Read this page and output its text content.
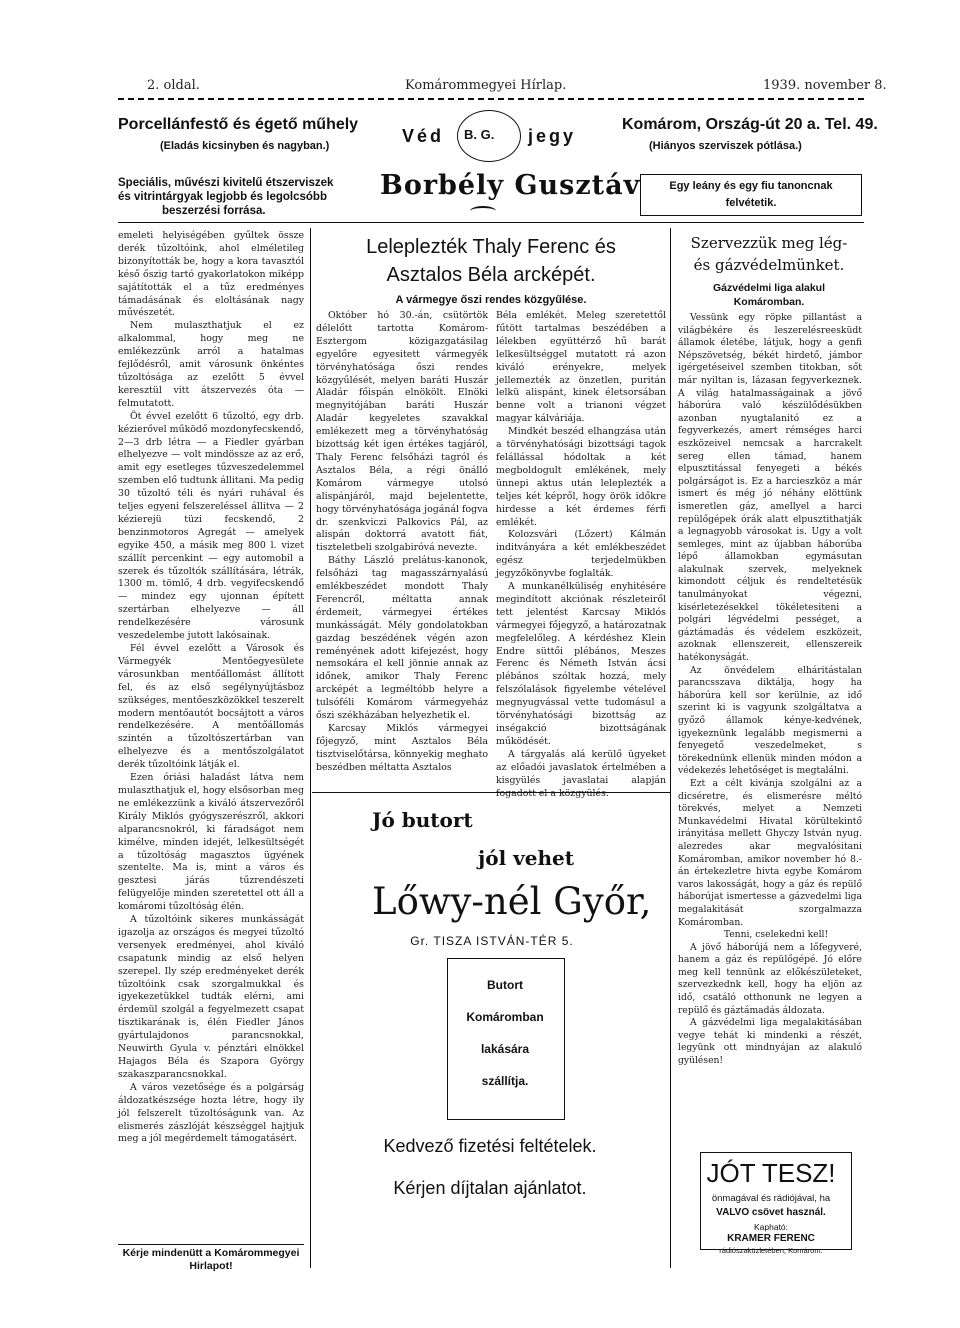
2. oldal.	Komárommegyei Hírlap.	1939. november 8.
Porcellánfestő és égető műhely
(Eladás kicsinyben és nagyban.)	Véd B. G. jegy
Komárom, Ország-út 20 a. Tel. 49.
(Hiányos szerviszek pótlása.)
Speciális, művészi kivitelű étszerviszek
és vitrintárgyak legjobb és legolcsóbb
beszerzési forrása.
Borbély Gusztáv	Egy leány és egy fiu tanoncnak
felvétetik.

emeleti helyiségében gyűltek össze derék tűzoltóink, ahol elméletileg bizonyították be, hogy a kora tavasztól késő őszig tartó gyakorlatokon miképp sajátították el a tűz eredményes támadásának és eloltásának nagy művészetét.

Nem mulaszthatjuk el ez alkalommal, hogy meg ne emlékezzünk arról a hatalmas fejlődésről, amit városunk önkéntes tűzoltósága az ezelőtt 5 évvel keresztül vitt átszervezés óta — felmutatott.

Öt évvel ezelőtt 6 tűzoltó, egy drb. kézierővel működő mozdonyfecskendő, 2—3 drb létra — a Fiedler gyárban elhelyezve — volt mindössze az az erő, amit egy esetleges tűzveszedelemmel szemben elő tudtunk állitani. Ma pedig 30 tűzoltó téli és nyári ruhával és teljes egyeni felszereléssel állitva — 2 kézierejü tüzi fecskendő, 2 benzinmotoros Agregát — amelyek egyike 450, a másik meg 800 l. vizet szállít percenkint — egy automobil a szerek és tűzoltók szállítására, létrák, 1300 m. tömlő, 4 drb. vegyifecskendő — mindez egy ujonnan épített szertárban elhelyezve — áll rendelkezésére városunk veszedelembe jutott lakósainak.

Fél évvel ezelőtt a Városok és Vármegyék Mentőegyesülete városunkban mentőállomást állított fel, és az első segélynyújtásboz szükséges, mentőeszközökkel teszerelt modern mentőautót bocsájtott a város rendelkezésére. A mentőállomás szintén a tűzoltószertárban van elhelyezve és a mentőszolgálatot derék tűzoltóink látják el.

Ezen óriási haladást látva nem mulaszthatjuk el, hogy elsősorban meg ne emlékezzünk a kiváló átszervezőről Király Miklós gyógyszerészről, akkori alparancsnokról, ki fáradságot nem kimélve, minden idejét, lelkesültségét a tűzoltóság magasztos ügyének szentelte. Ma is, mint a város és gesztesi járás tűzrendészeti felügyelője minden szeretettel ott áll a komáromi tűzoltóság élén.

A tűzoltóink sikeres munkásságát igazolja az országos és megyei tűzoltó versenyek eredményei, ahol kiváló csapatunk mindig az első helyen szerepel. Ily szép eredményeket derék tűzoltóink csak szorgalmukkal és igyekezetükkel tudták elérni, ami érdemül szolgál a fegyelmezett csapat tisztikarának is, élén Fiedler János gyártulajdonos parancsnokkal, Neuwirth Gyula v. pénztári elnökkel Hajagos Béla és Szapora György szakaszparancsnokkal.

A város vezetősége és a polgárság áldozatkészsége hozta létre, hogy ily jól felszerelt tűzoltóságunk van. Az elismerés zászlóját készséggel hajtjuk meg a jól megérdemelt támogatásért.

Kérje mindenütt a Komárommegyei Hirlapot!
Leleplezték Thaly Ferenc és
Asztalos Béla arcképét.
A vármegye őszi rendes közgyűlése.

Október hó 30.-án, csütörtök délelőtt tartotta Komárom-Esztergom közigazgatásilag egyelőre egyesitett vármegyék törvényhatósága őszi rendes közgyűlését, melyen baráti Huszár Aladár főispán elnökölt. Elnöki megnyitójában baráti Huszár Aladár kegyeletes szavakkal emlékezett meg a törvényhatóság bizottság két igen értékes tagjáról, Thaly Ferenc felsőházi tagról és Asztalos Béla, a régi önálló Komárom vármegye utolsó alispánjáról, majd bejelentette, hogy törvényhatósága jogánál fogva dr. szenkviczi Palkovics Pál, az alispán doktorrá avatott fiát, tiszteletbeli szolgabiróvá nevezte.

Báthy László prelátus-kanonok, felsőházi tag magasszárnyalású emlékbeszédet mondott Thaly Ferencről, méltatta annak érdemeit, vármegyei értékes munkásságát. Mély gondolatokban gazdag beszédének végén azon reményének adott kifejezést, hogy nemsokára el kell jönnie annak az időnek, amikor Thaly Ferenc arcképét a legméltóbb helyre a tulsóféli Komárom vármegyeház őszi székházában helyezhetik el.

Karcsay Miklós vármegyei főjegyző, mint Asztalos Béla tisztviselőtársa, könnyekig meghato beszédben méltatta Asztalos

Béla emlékét. Meleg szeretettől fűtött tartalmas beszédében a lélekben együttérző hű barát lelkesültséggel mutatott rá azon kiváló erényekre, melyek jellemezték az önzetlen, puritán lelkü alispánt, kinek életsorsában benne volt a trianoni végzet magyar kálváriája.

Mindkét beszéd elhangzása után a törvényhatósági bizottsági tagok felállással hódoltak a két megboldogult emlékének, mely ünnepi aktus után leleplezték a teljes két képről, hogy örök időkre hirdesse a két érdemes férfi emlékét.

Kolozsvári (Lőzert) Kálmán inditványára a két emlékbeszédet egész terjedelmükben jegyzőkönyvbe foglalták.

A munkanélküliség enyhitésére megindított akciónak részleteiről tett jelentést Karcsay Miklós vármegyei főjegyző, a határozatnak megfelelőleg. A kérdéshez Klein Endre süttői plébános, Meszes Ferenc és Németh István ácsi plébános szóltak hozzá, mely felszólalások figyelembe vételével megnyugvással vette tudomásul a törvényhatósági bizottság az inségakció bizottságának működését.

A tárgyalás alá kerülő ügyeket az előadói javaslatok értelmében a kisgyülés javaslatai alapján fogadott el a közgyülés.

Jó butort
jól vehet
Lőwy-nél Győr,
Gr. TISZA ISTVÁN-TÉR 5.
Butort
Komáromban
lakására
szállítja.
Kedvező fizetési feltételek.
Kérjen díjtalan ajánlatot.
Szervezzük meg lég-
és gázvédelmünket.
Gázvédelmi liga alakul
Komáromban.

Vessünk egy röpke pillantást a világbékére és leszerelésreesküdt államok életébe, látjuk, hogy a genfi Népszövetség, békét hirdető, jámbor igérgetéseivel szemben titokban, sőt már nyiltan is, lázasan fegyverkeznek. A világ hatalmasságainak a jövő háborúra való készülődésükben azonban nyugtalanitó ez a fegyverkezés, amert rémséges harci eszközeivel nemcsak a harcrakelt sereg ellen támad, hanem elpusztitással fenyegeti a békés polgárságot is. Ez a harcieszköz a már ismert és még jó néhány elöttünk ismeretlen gáz, amellyel a harci repülőgépek órák alatt elpusztithatják a legnagyobb városokat is. Ugy a volt semleges, mint az újabban háborúba lépő államokban egymásutan alakulnak szervek, melyeknek kimondott céljuk és rendeltetésük tanulmányokat végezni, kisérletezésekkel tökéletesiteni a polgári légvédelmi pességet, a gáztámadás és védelem eszközeit, azoknak ellenszereit, ellenszereik hatékonyságát.

Az önvédelem elháritástalan parancsszava diktálja, hogy ha háborúra kell sor kerülnie, az idő szerint ki is vagyunk szolgáltatva a győző államok kénye-kedvének, igyekeznünk legalább megismerni a fenyegető veszedelmeket, s törekednünk ellenük minden módon a védekezés lehetőséget is megtalálni.

Ezt a célt kivánja szolgálni az a dicséretre, és elismerésre méltó törekvés, melyet a Nemzeti Munkavédelmi Hivatal körültekintő irányitása mellett Ghyczy István nyug. alezredes akar megvalósitani Komáromban, amikor november hó 8.-án értekezletre hivta egybe Komárom varos lakosságát, hogy a gáz és repülő háborújat ismertesse a gázvedelmi liga megalakitását szorgalmazza Komáromban.

Tenni, cselekedni kell!

A jövő háborújá nem a lőfegyveré, hanem a gáz és repülőgépé. Jó előre meg kell tennünk az előkészületeket, szervezkednk kell, hogy ha eljön az idő, csatáló otthonunk ne legyen a repülő és gáztámadás áldozata.

A gázvédelmi liga megalakitásában vegye tehát ki mindenki a részét, legyünk ott mindnyájan az alakuló gyülésen!

JÓT TESZ!
önmagával és rádiójával, ha
VALVO csövet használ.
Kapható:
KRAMER FERENC
rádiószaküzletében, Komárom.
